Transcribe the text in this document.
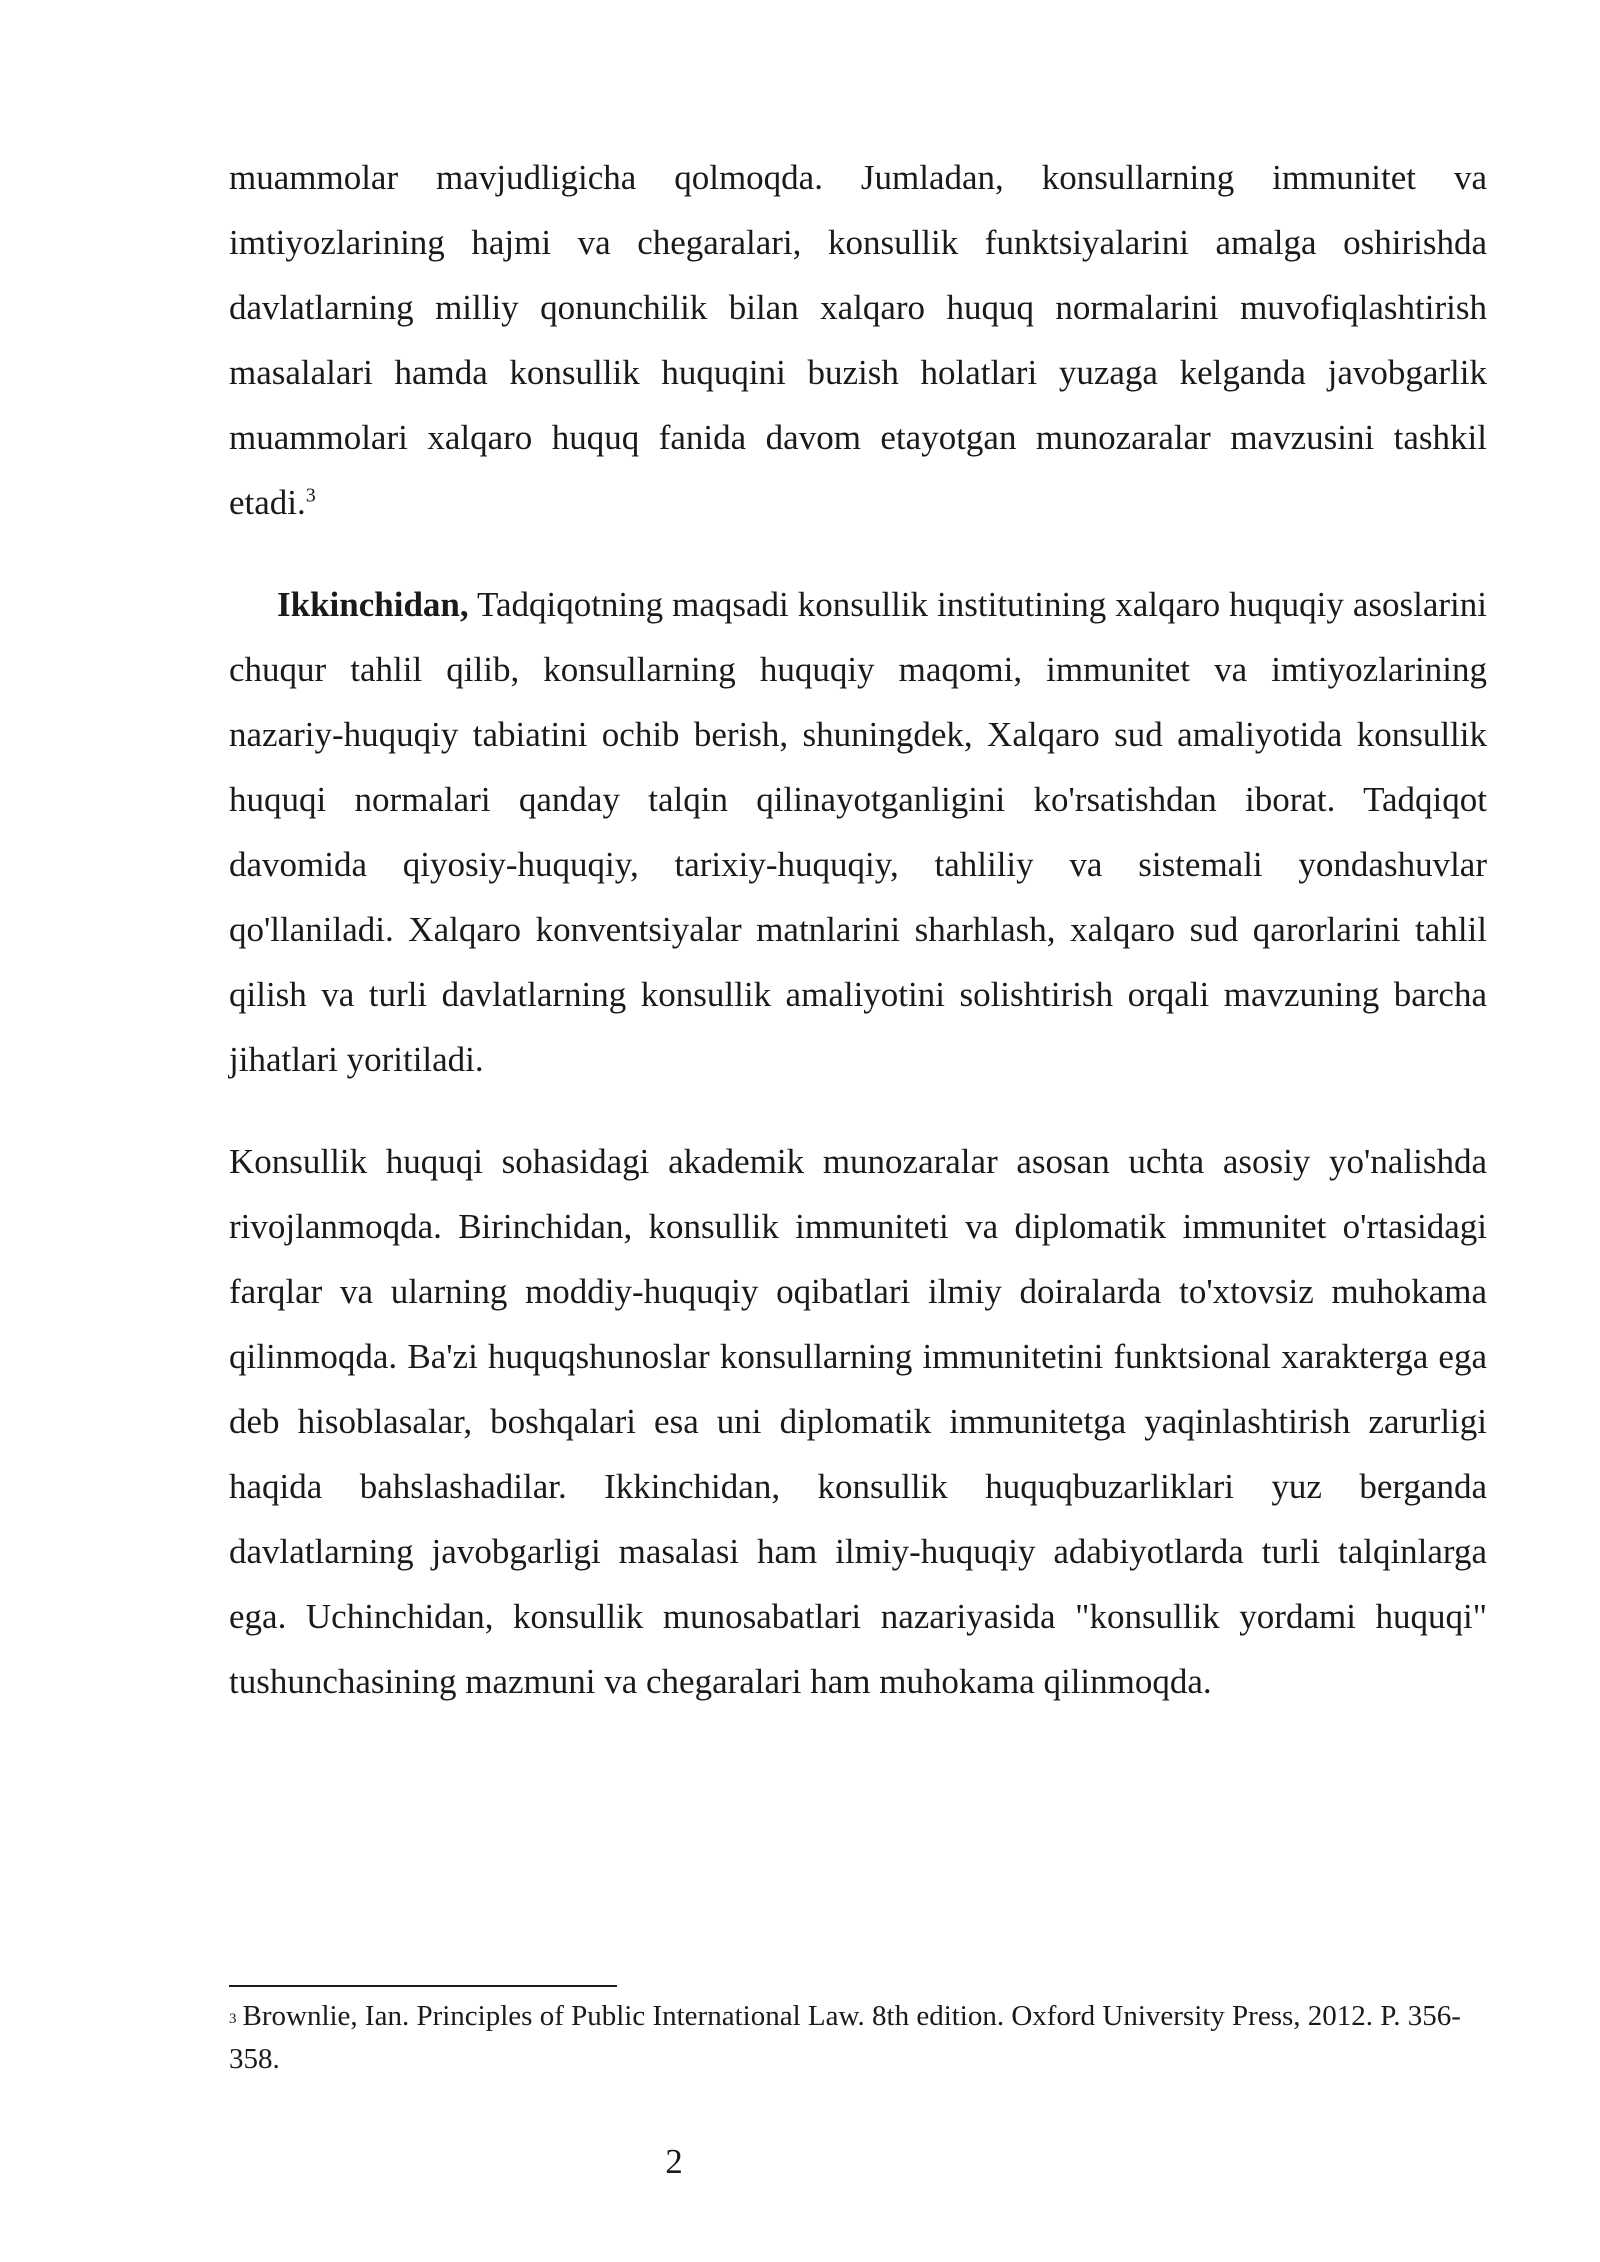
muammolar mavjudligicha qolmoqda. Jumladan, konsullarning immunitet va imtiyozlarining hajmi va chegaralari, konsullik funktsiyalarini amalga oshirishda davlatlarning milliy qonunchilik bilan xalqaro huquq normalarini muvofiqlashtirish masalalari hamda konsullik huquqini buzish holatlari yuzaga kelganda javobgarlik muammolari xalqaro huquq fanida davom etayotgan munozaralar mavzusini tashkil etadi.$^3$

Ikkinchidan, Tadqiqotning maqsadi konsullik institutining xalqaro huquqiy asoslarini chuqur tahlil qilib, konsullarning huquqiy maqomi, immunitet va imtiyozlarining nazariy-huquqiy tabiatini ochib berish, shuningdek, Xalqaro sud amaliyotida konsullik huquqi normalari qanday talqin qilinayotganligini ko'rsatishdan iborat. Tadqiqot davomida qiyosiy-huquqiy, tarixiy-huquqiy, tahliliy va sistemali yondashuvlar qo'llaniladi. Xalqaro konventsiyalar matnlarini sharhlash, xalqaro sud qarorlarini tahlil qilish va turli davlatlarning konsullik amaliyotini solishtirish orqali mavzuning barcha jihatlari yoritiladi.

Konsullik huquqi sohasidagi akademik munozaralar asosan uchta asosiy yo'nalishda rivojlanmoqda. Birinchidan, konsullik immuniteti va diplomatik immunitet o'rtasidagi farqlar va ularning moddiy-huquqiy oqibatlari ilmiy doiralarda to'xtovsiz muhokama qilinmoqda. Ba'zi huquqshunoslar konsullarning immunitetini funktsional xarakterga ega deb hisoblasalar, boshqalari esa uni diplomatik immunitetga yaqinlashtirish zarurligi haqida bahslashadilar. Ikkinchidan, konsullik huquqbuzarliklari yuz berganda davlatlarning javobgarligi masalasi ham ilmiy-huquqiy adabiyotlarda turli talqinlarga ega. Uchinchidan, konsullik munosabatlari nazariyasida "konsullik yordami huquqi" tushunchasining mazmuni va chegaralari ham muhokama qilinmoqda.

3 Brownlie, Ian. Principles of Public International Law. 8th edition. Oxford University Press, 2012. P. 356-358.

2
